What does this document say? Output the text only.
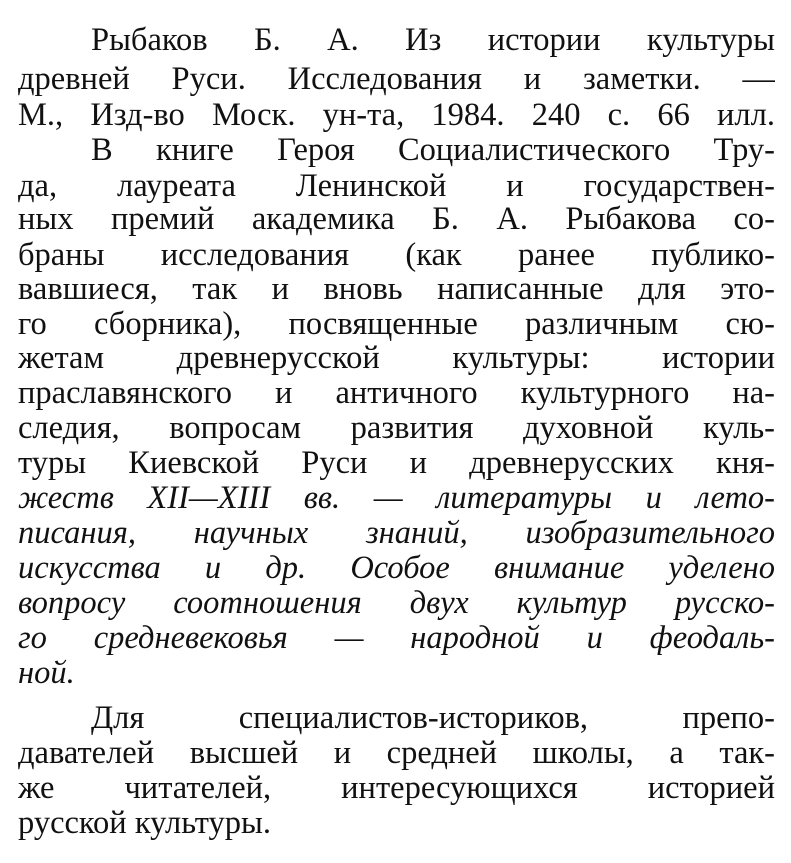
Рыбаков Б. А. Из истории культуры
древней Руси. Исследования и заметки. —
М., Изд-во Моск. ун-та, 1984. 240 с. 66 илл.
В книге Героя Социалистического Тру-
да, лауреата Ленинской и государствен-
ных премий академика Б. А. Рыбакова со-
браны исследования (как ранее публико-
вавшиеся, так и вновь написанные для это-
го сборника), посвященные различным сю-
жетам древнерусской культуры: истории
праславянского и античного культурного на-
следия, вопросам развития духовной куль-
туры Киевской Руси и древнерусских кня-
жеств XII—XIII вв. — литературы и лето-
писания, научных знаний, изобразительного
искусства и др. Особое внимание уделено
вопросу соотношения двух культур русско-
го средневековья — народной и феодаль-
ной.
Для специалистов-историков, препо-
давателей высшей и средней школы, а так-
же читателей, интересующихся историей
русской культуры.
